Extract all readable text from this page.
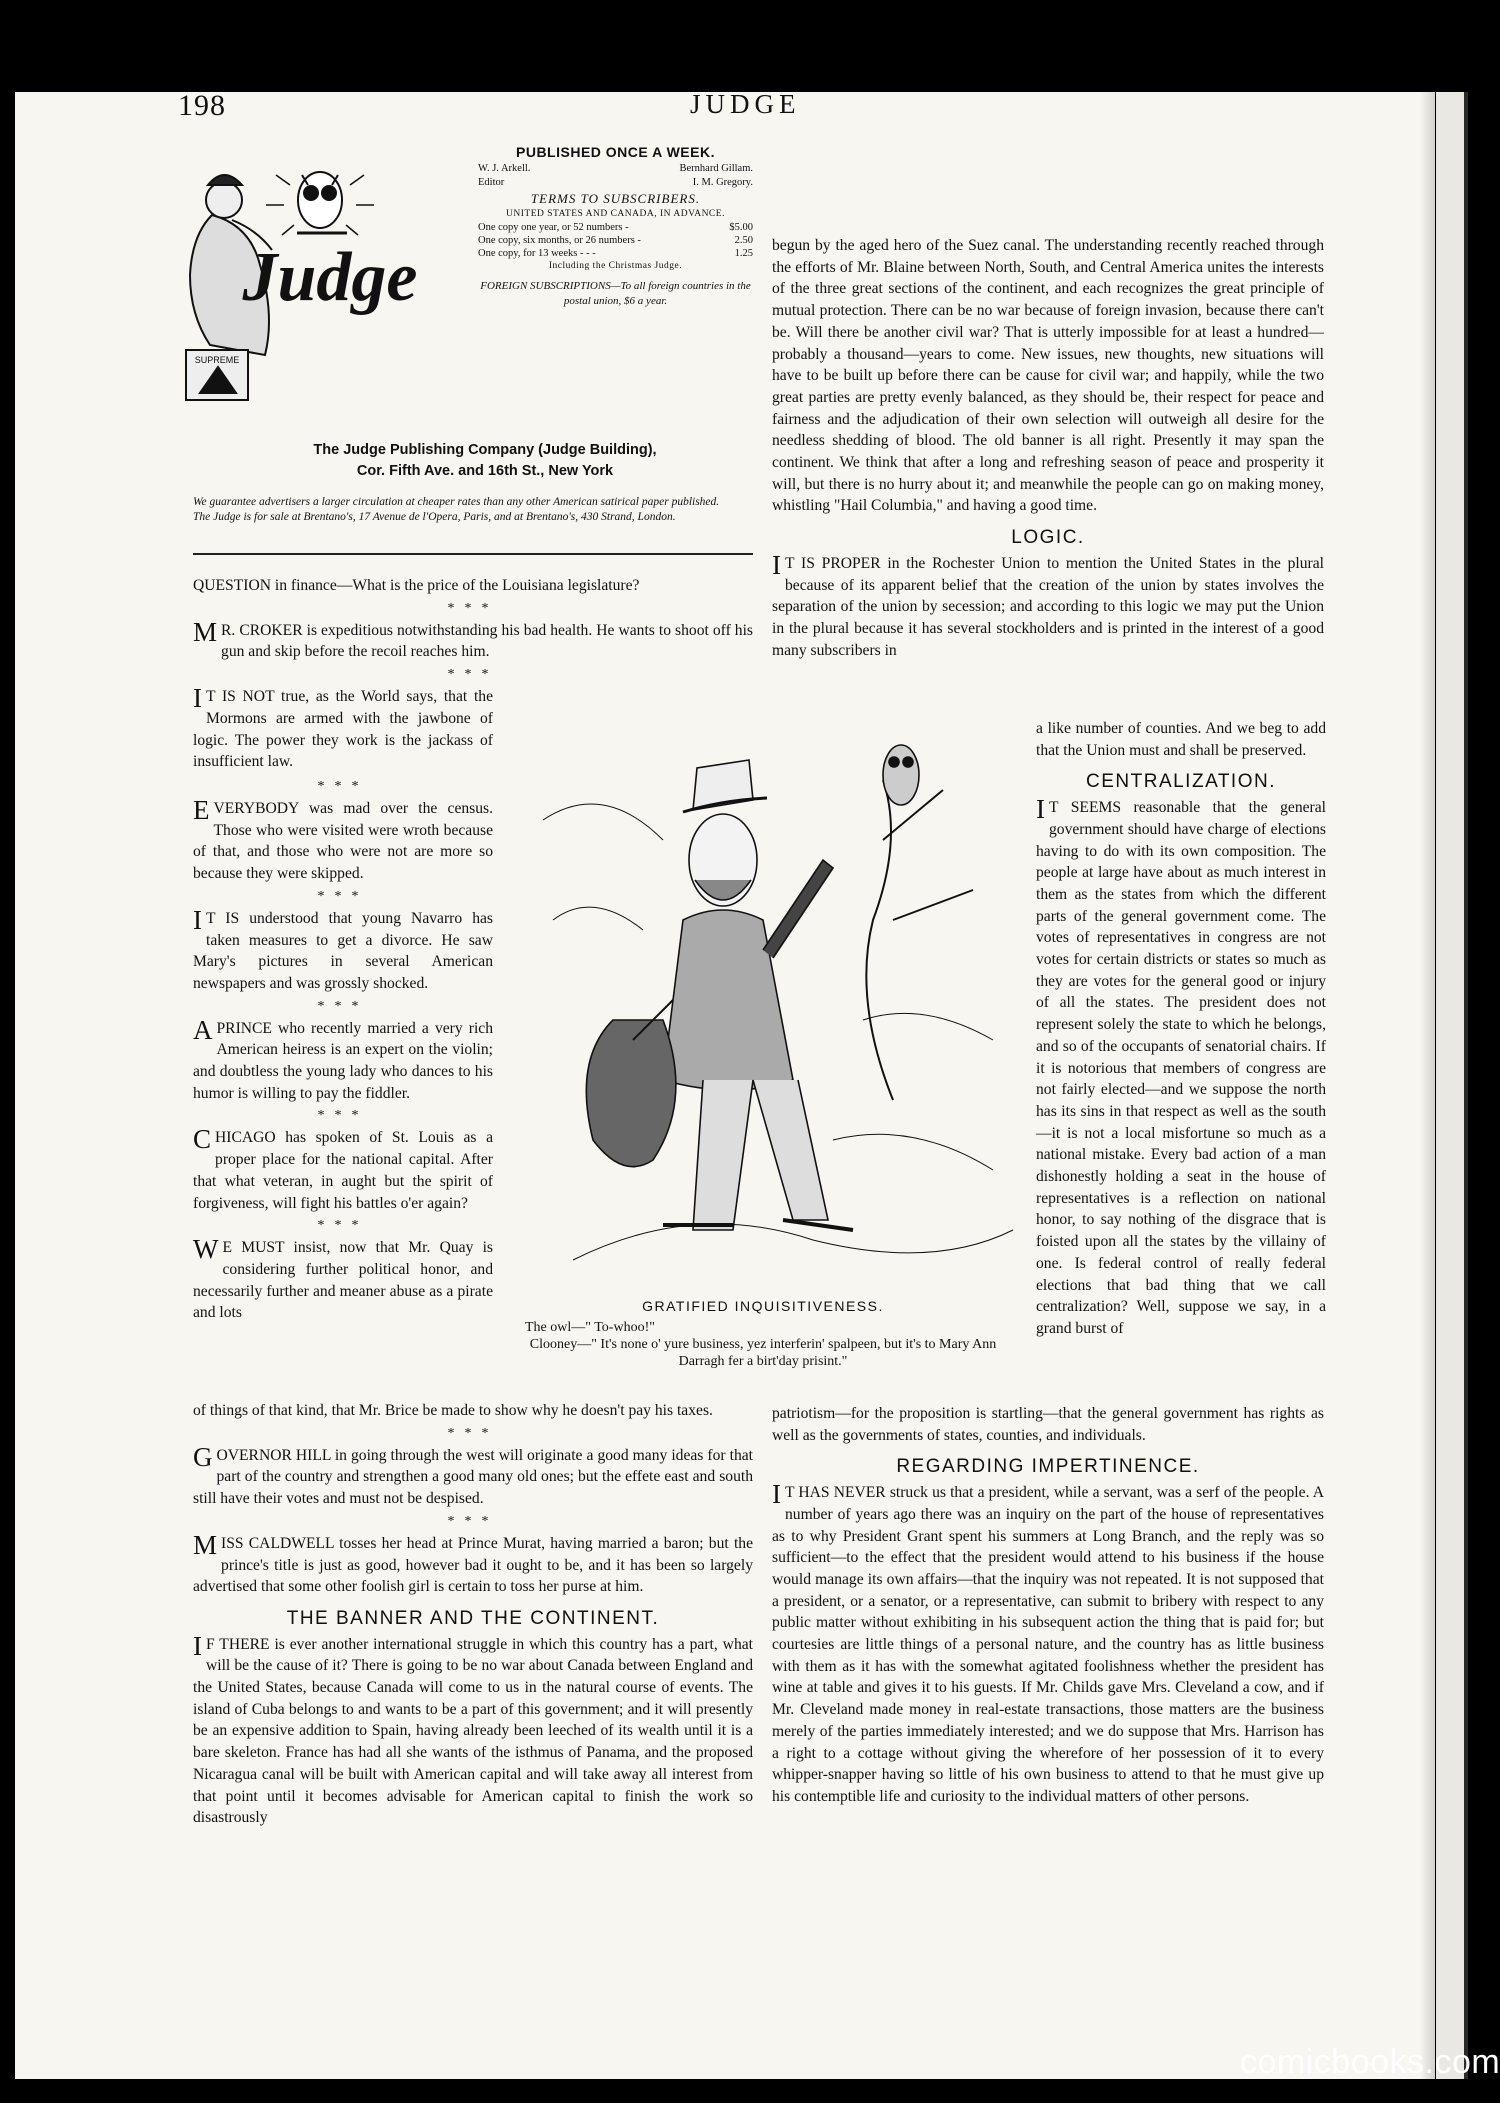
198	JUDGE
Judge
SUPREME
PUBLISHED ONCE A WEEK.
W. J. Arkell.	Bernhard Gillam.
Editor	I. M. Gregory.
TERMS TO SUBSCRIBERS.
UNITED STATES AND CANADA, IN ADVANCE.
One copy one year, or 52 numbers -	$5.00
One copy, six months, or 26 numbers -	2.50
One copy, for 13 weeks - - -	1.25
Including the Christmas Judge.
FOREIGN SUBSCRIPTIONS—To all foreign countries in the postal union, $6 a year.
The Judge Publishing Company (Judge Building),
Cor. Fifth Ave. and 16th St., New York
We guarantee advertisers a larger circulation at cheaper rates than any other American satirical paper published.
The Judge is for sale at Brentano's, 17 Avenue de l'Opera, Paris, and at Brentano's, 430 Strand, London.

QUESTION in finance—What is the price of the Louisiana legislature?

***

M R. CROKER is expeditious notwithstanding his bad health. He wants to shoot off his gun and skip before the recoil reaches him.

***

I T IS NOT true, as the World says, that the Mormons are armed with the jawbone of logic. The power they work is the jackass of insufficient law.

***

EVERYBODY was mad over the census. Those who were visited were wroth because of that, and those who were not are more so because they were skipped.

***

I T IS understood that young Navarro has taken measures to get a divorce. He saw Mary's pictures in several American newspapers and was grossly shocked.

***

APRINCE who recently married a very rich American heiress is an expert on the violin; and doubtless the young lady who dances to his humor is willing to pay the fiddler.

***

CHICAGO has spoken of St. Louis as a proper place for the national capital. After that what veteran, in aught but the spirit of forgiveness, will fight his battles o'er again?

***

W E MUST insist, now that Mr. Quay is considering further political honor, and necessarily further and meaner abuse as a pirate and lots

of things of that kind, that Mr. Brice be made to show why he doesn't pay his taxes.

***

GOVERNOR HILL in going through the west will originate a good many ideas for that part of the country and strengthen a good many old ones; but the effete east and south still have their votes and must not be despised.

***

MISS CALDWELL tosses her head at Prince Murat, having married a baron; but the prince's title is just as good, however bad it ought to be, and it has been so largely advertised that some other foolish girl is certain to toss her purse at him.

THE BANNER AND THE CONTINENT.

I F THERE is ever another international struggle in which this country has a part, what will be the cause of it? There is going to be no war about Canada between England and the United States, because Canada will come to us in the natural course of events. The island of Cuba belongs to and wants to be a part of this government; and it will presently be an expensive addition to Spain, having already been leeched of its wealth until it is a bare skeleton. France has had all she wants of the isthmus of Panama, and the proposed Nicaragua canal will be built with American capital and will take away all interest from that point until it becomes advisable for American capital to finish the work so disastrously

begun by the aged hero of the Suez canal. The understanding recently reached through the efforts of Mr. Blaine between North, South, and Central America unites the interests of the three great sections of the continent, and each recognizes the great principle of mutual protection. There can be no war because of foreign invasion, because there can't be. Will there be another civil war? That is utterly impossible for at least a hundred—probably a thousand—years to come. New issues, new thoughts, new situations will have to be built up before there can be cause for civil war; and happily, while the two great parties are pretty evenly balanced, as they should be, their respect for peace and fairness and the adjudication of their own selection will outweigh all desire for the needless shedding of blood. The old banner is all right. Presently it may span the continent. We think that after a long and refreshing season of peace and prosperity it will, but there is no hurry about it; and meanwhile the people can go on making money, whistling "Hail Columbia," and having a good time.

LOGIC.

I T IS PROPER in the Rochester Union to mention the United States in the plural because of its apparent belief that the creation of the union by states involves the separation of the union by secession; and according to this logic we may put the Union in the plural because it has several stockholders and is printed in the interest of a good many subscribers in

a like number of counties. And we beg to add that the Union must and shall be preserved.

CENTRALIZATION.

I T SEEMS reasonable that the general government should have charge of elections having to do with its own composition. The people at large have about as much interest in them as the states from which the different parts of the general government come. The votes of representatives in congress are not votes for certain districts or states so much as they are votes for the general good or injury of all the states. The president does not represent solely the state to which he belongs, and so of the occupants of senatorial chairs. If it is notorious that members of congress are not fairly elected—and we suppose the north has its sins in that respect as well as the south—it is not a local misfortune so much as a national mistake. Every bad action of a man dishonestly holding a seat in the house of representatives is a reflection on national honor, to say nothing of the disgrace that is foisted upon all the states by the villainy of one. Is federal control of really federal elections that bad thing that we call centralization? Well, suppose we say, in a grand burst of

patriotism—for the proposition is startling—that the general government has rights as well as the governments of states, counties, and individuals.

REGARDING IMPERTINENCE.

I T HAS NEVER struck us that a president, while a servant, was a serf of the people. A number of years ago there was an inquiry on the part of the house of representatives as to why President Grant spent his summers at Long Branch, and the reply was so sufficient—to the effect that the president would attend to his business if the house would manage its own affairs—that the inquiry was not repeated. It is not supposed that a president, or a senator, or a representative, can submit to bribery with respect to any public matter without exhibiting in his subsequent action the thing that is paid for; but courtesies are little things of a personal nature, and the country has as little business with them as it has with the somewhat agitated foolishness whether the president has wine at table and gives it to his guests. If Mr. Childs gave Mrs. Cleveland a cow, and if Mr. Cleveland made money in real-estate transactions, those matters are the business merely of the parties immediately interested; and we do suppose that Mrs. Harrison has a right to a cottage without giving the wherefore of her possession of it to every whipper-snapper having so little of his own business to attend to that he must give up his contemptible life and curiosity to the individual matters of other persons.

GRATIFIED INQUISITIVENESS.
The owl—" To-whoo!"
Clooney—" It's none o' yure business, yez interferin' spalpeen, but it's to Mary Ann Darragh fer a birt'day prisint."
comicbooks.com
